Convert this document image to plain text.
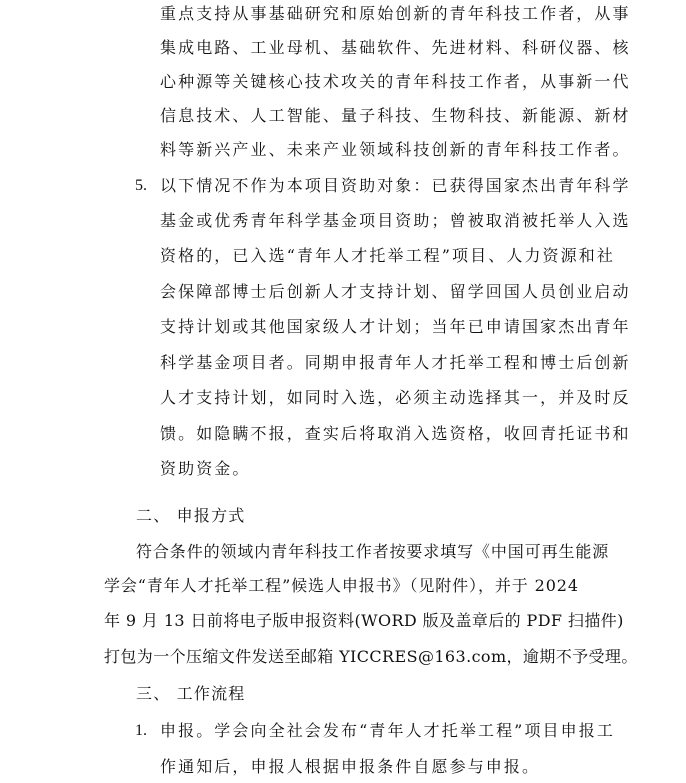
重点支持从事基础研究和原始创新的青年科技工作者，从事
集成电路、工业母机、基础软件、先进材料、科研仪器、核
心种源等关键核心技术攻关的青年科技工作者，从事新一代
信息技术、人工智能、量子科技、生物科技、新能源、新材
料等新兴产业、未来产业领域科技创新的青年科技工作者。
5. 以下情况不作为本项目资助对象：已获得国家杰出青年科学
基金或优秀青年科学基金项目资助；曾被取消被托举人入选
资格的，已入选“青年人才托举工程”项目、人力资源和社
会保障部博士后创新人才支持计划、留学回国人员创业启动
支持计划或其他国家级人才计划；当年已申请国家杰出青年
科学基金项目者。同期申报青年人才托举工程和博士后创新
人才支持计划，如同时入选，必须主动选择其一，并及时反
馈。如隐瞒不报，查实后将取消入选资格，收回青托证书和
资助资金。
二、 申报方式
符合条件的领域内青年科技工作者按要求填写《中国可再生能源
学会“青年人才托举工程”候选人申报书》（见附件），并于 2024
年 9 月 13 日前将电子版申报资料(WORD 版及盖章后的 PDF 扫描件)
打包为一个压缩文件发送至邮箱 YICCRES@163.com，逾期不予受理。
三、 工作流程
1. 申报。学会向全社会发布“青年人才托举工程”项目申报工
作通知后，申报人根据申报条件自愿参与申报。
